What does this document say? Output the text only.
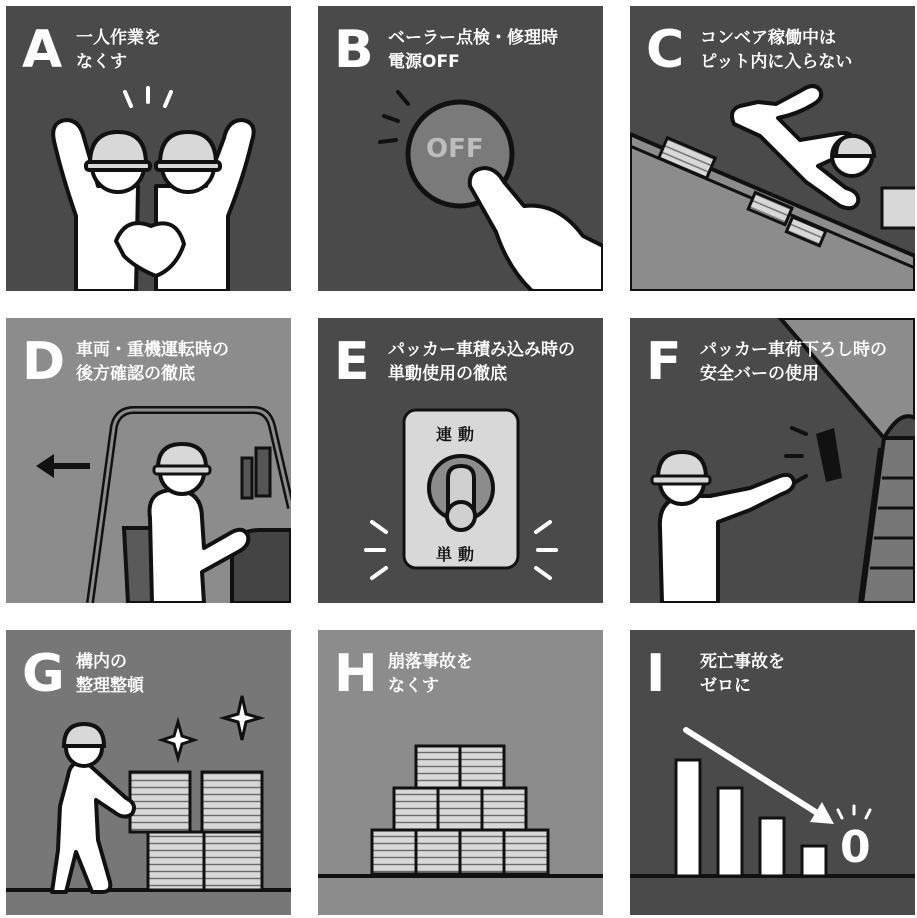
A 一人作業を
なくす
OFF
B ベーラー点検・修理時
電源OFF	C コンベア稼働中は
ピット内に入らない
D 車両・重機運転時の
後方確認の徹底
連動
単動
E パッカー車積み込み時の
単動使用の徹底	F パッカー車荷下ろし時の
安全バーの使用
G 構内の
整理整頓	H 崩落事故を
なくす
0
I 死亡事故を
ゼロに
